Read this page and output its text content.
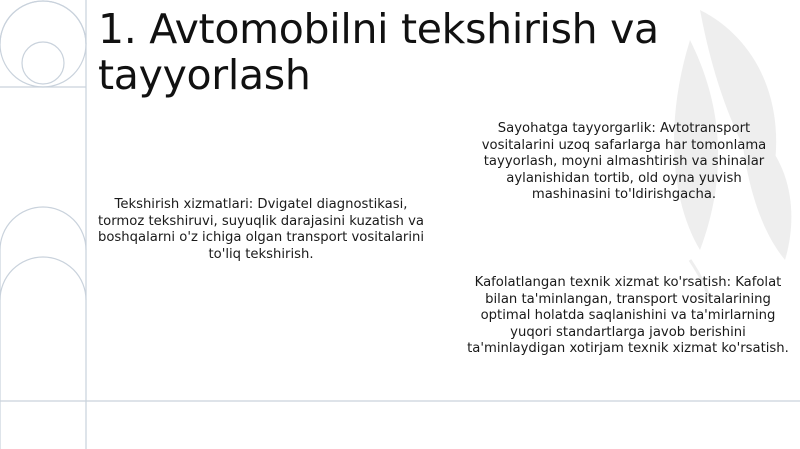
1. Avtomobilni tekshirish va tayyorlash

Tekshirish xizmatlari: Dvigatel diagnostikasi, tormoz tekshiruvi, suyuqlik darajasini kuzatish va boshqalarni o'z ichiga olgan transport vositalarini to'liq tekshirish.

Sayohatga tayyorgarlik: Avtotransport vositalarini uzoq safarlarga har tomonlama tayyorlash, moyni almashtirish va shinalar aylanishidan tortib, old oyna yuvish mashinasini to'ldirishgacha.

Kafolatlangan texnik xizmat ko'rsatish: Kafolat bilan ta'minlangan, transport vositalarining optimal holatda saqlanishini va ta'mirlarning yuqori standartlarga javob berishini ta'minlaydigan xotirjam texnik xizmat ko'rsatish.
